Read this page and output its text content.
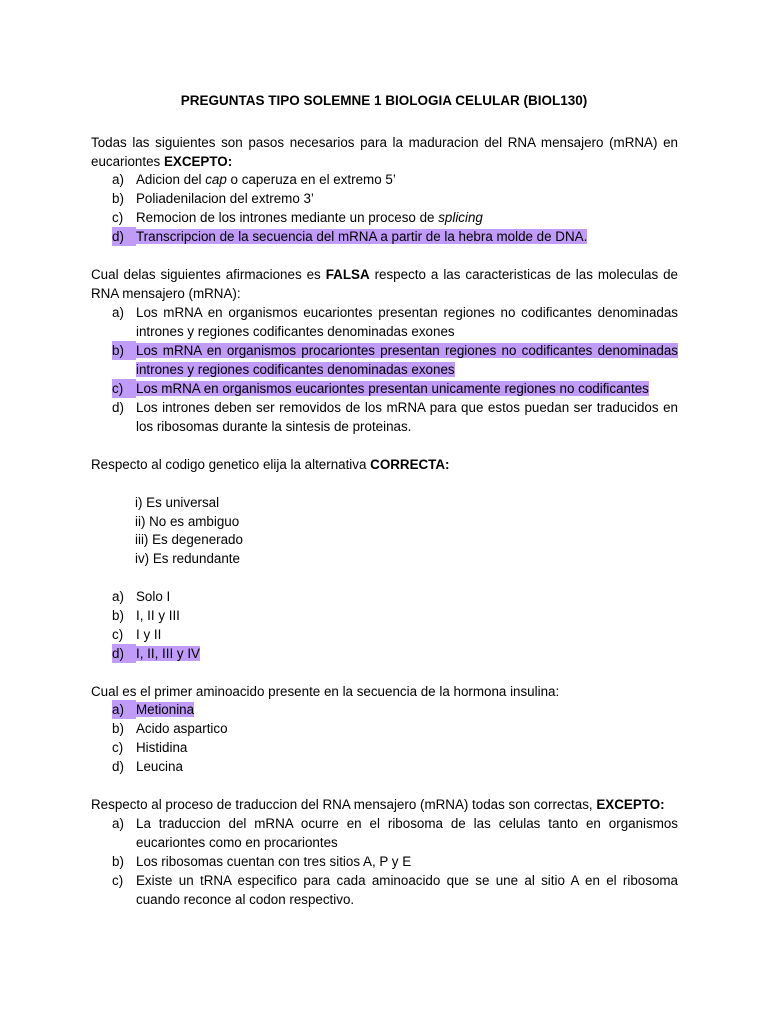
PREGUNTAS TIPO SOLEMNE 1 BIOLOGIA CELULAR (BIOL130)
Todas las siguientes son pasos necesarios para la maduracion del RNA mensajero (mRNA) en eucariontes EXCEPTO:
a) Adicion del cap o caperuza en el extremo 5’
b) Poliadenilacion del extremo 3’
c) Remocion de los intrones mediante un proceso de splicing
d) Transcripcion de la secuencia del mRNA a partir de la hebra molde de DNA.
Cual delas siguientes afirmaciones es FALSA respecto a las caracteristicas de las moleculas de RNA mensajero (mRNA):
a) Los mRNA en organismos eucariontes presentan regiones no codificantes denominadas intrones y regiones codificantes denominadas exones
b) Los mRNA en organismos procariontes presentan regiones no codificantes denominadas intrones y regiones codificantes denominadas exones
c) Los mRNA en organismos eucariontes presentan unicamente regiones no codificantes
d) Los intrones deben ser removidos de los mRNA para que estos puedan ser traducidos en los ribosomas durante la sintesis de proteinas.
Respecto al codigo genetico elija la alternativa CORRECTA:
i) Es universal
ii) No es ambiguo
iii) Es degenerado
iv) Es redundante
a) Solo I
b) I, II y III
c) I y II
d) I, II, III y IV
Cual es el primer aminoacido presente en la secuencia de la hormona insulina:
a) Metionina
b) Acido aspartico
c) Histidina
d) Leucina
Respecto al proceso de traduccion del RNA mensajero (mRNA) todas son correctas, EXCEPTO:
a) La traduccion del mRNA ocurre en el ribosoma de las celulas tanto en organismos eucariontes como en procariontes
b) Los ribosomas cuentan con tres sitios A, P y E
c) Existe un tRNA especifico para cada aminoacido que se une al sitio A en el ribosoma cuando reconce al codon respectivo.
